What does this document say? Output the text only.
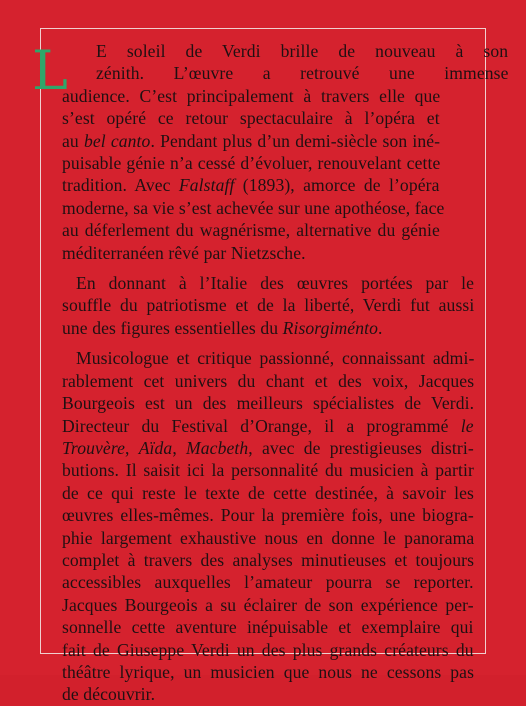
L E soleil de Verdi brille de nouveau à son
zénith. L’œuvre a retrouvé une immense
audience. C’est principalement à travers elle que
s’est opéré ce retour spectaculaire à l’opéra et
au bel canto. Pendant plus d’un demi-siècle son iné-
puisable génie n’a cessé d’évoluer, renouvelant cette
tradition. Avec Falstaff (1893), amorce de l’opéra
moderne, sa vie s’est achevée sur une apothéose, face
au déferlement du wagnérisme, alternative du génie
méditerranéen rêvé par Nietzsche.
En donnant à l’Italie des œuvres portées par le
souffle du patriotisme et de la liberté, Verdi fut aussi
une des figures essentielles du Risorgiménto.
Musicologue et critique passionné, connaissant admi-
rablement cet univers du chant et des voix, Jacques
Bourgeois est un des meilleurs spécialistes de Verdi.
Directeur du Festival d’Orange, il a programmé le
Trouvère, Aïda, Macbeth, avec de prestigieuses distri-
butions. Il saisit ici la personnalité du musicien à partir
de ce qui reste le texte de cette destinée, à savoir les
œuvres elles-mêmes. Pour la première fois, une biogra-
phie largement exhaustive nous en donne le panorama
complet à travers des analyses minutieuses et toujours
accessibles auxquelles l’amateur pourra se reporter.
Jacques Bourgeois a su éclairer de son expérience per-
sonnelle cette aventure inépuisable et exemplaire qui
fait de Giuseppe Verdi un des plus grands créateurs du
théâtre lyrique, un musicien que nous ne cessons pas
de découvrir.
